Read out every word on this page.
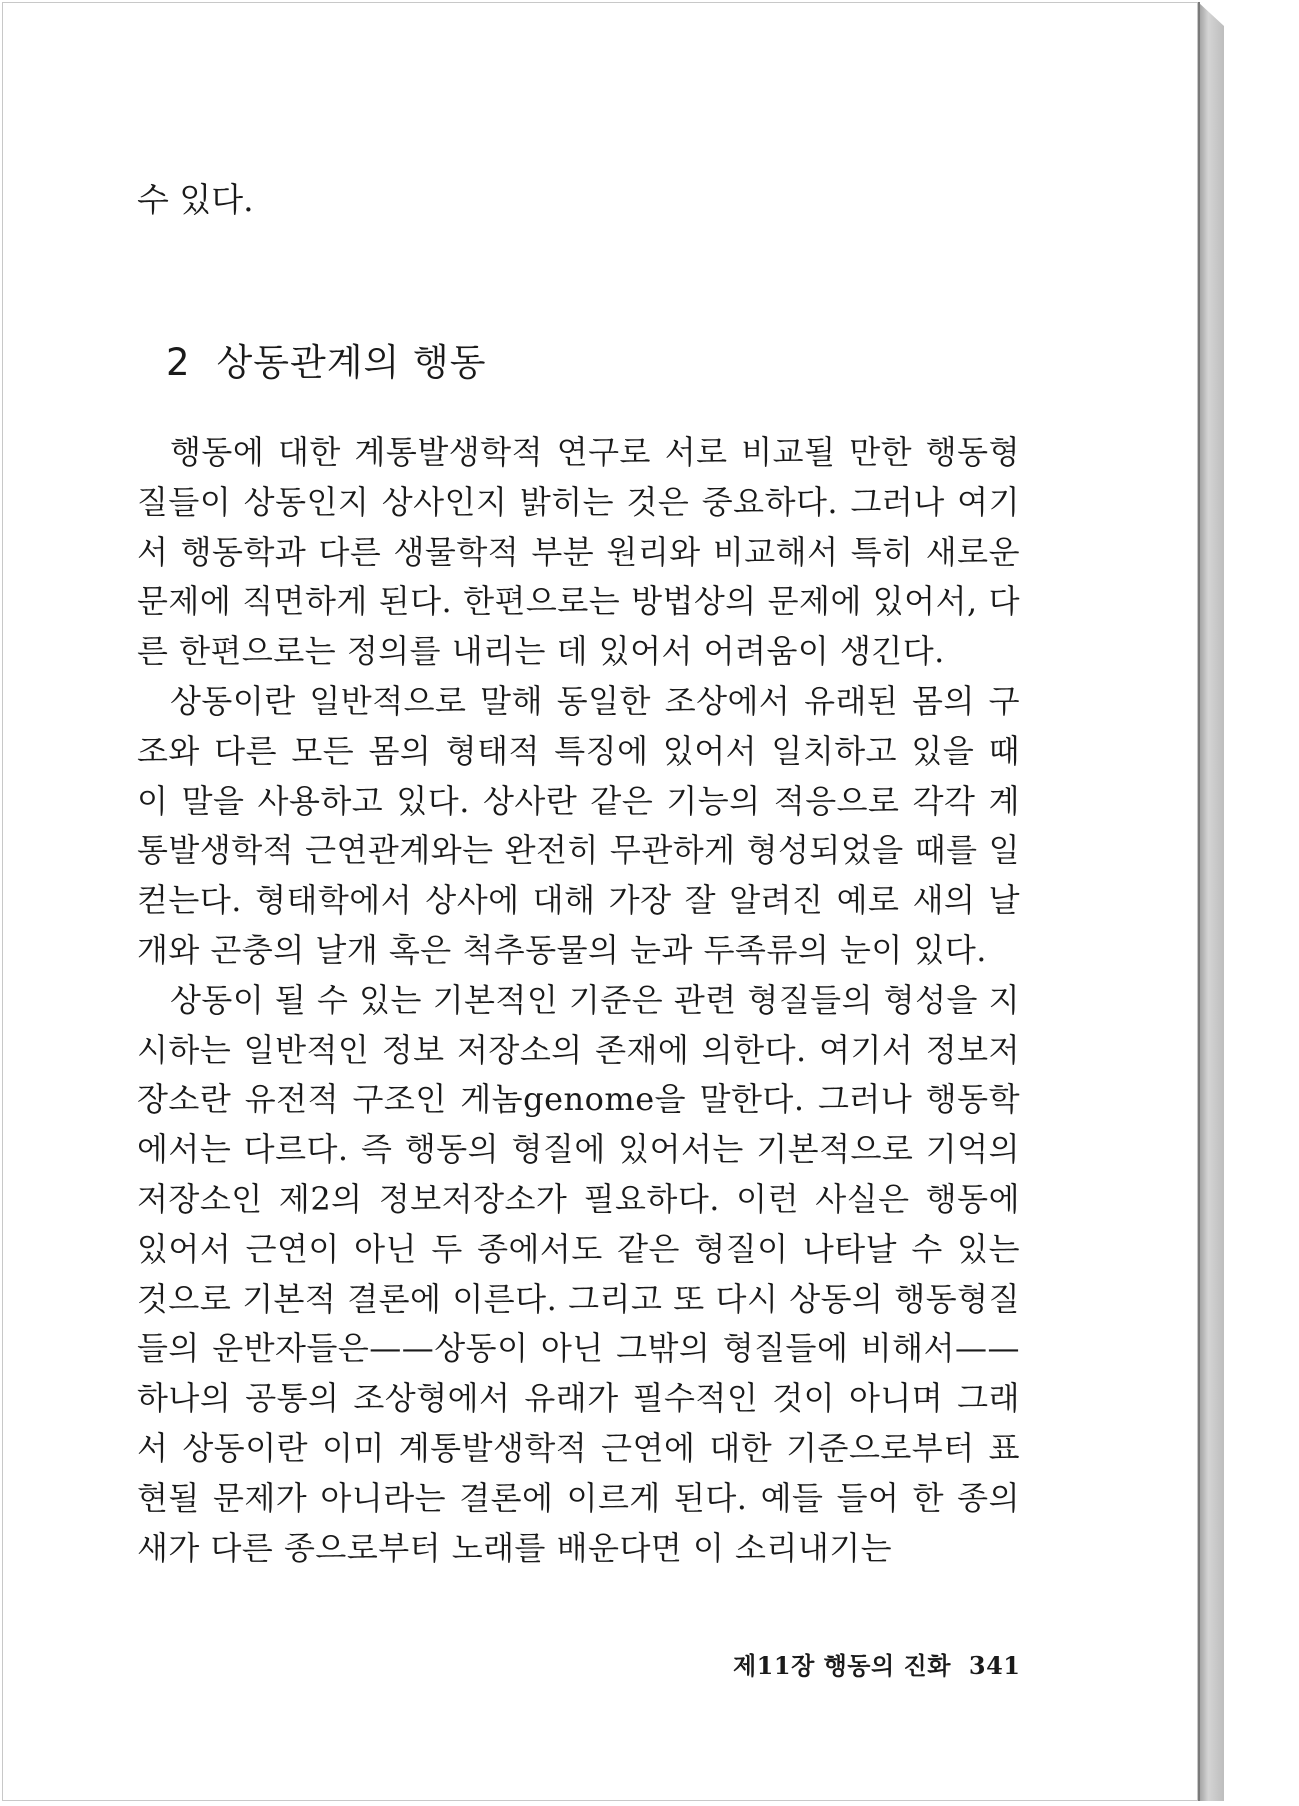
수 있다.
2 상동관계의 행동

행동에 대한 계통발생학적 연구로 서로 비교될 만한 행동형질들이 상동인지 상사인지 밝히는 것은 중요하다. 그러나 여기서 행동학과 다른 생물학적 부분 원리와 비교해서 특히 새로운 문제에 직면하게 된다. 한편으로는 방법상의 문제에 있어서, 다른 한편으로는 정의를 내리는 데 있어서 어려움이 생긴다.

상동이란 일반적으로 말해 동일한 조상에서 유래된 몸의 구조와 다른 모든 몸의 형태적 특징에 있어서 일치하고 있을 때 이 말을 사용하고 있다. 상사란 같은 기능의 적응으로 각각 계통발생학적 근연관계와는 완전히 무관하게 형성되었을 때를 일컫는다. 형태학에서 상사에 대해 가장 잘 알려진 예로 새의 날개와 곤충의 날개 혹은 척추동물의 눈과 두족류의 눈이 있다.

상동이 될 수 있는 기본적인 기준은 관련 형질들의 형성을 지시하는 일반적인 정보 저장소의 존재에 의한다. 여기서 정보저장소란 유전적 구조인 게놈genome을 말한다. 그러나 행동학에서는 다르다. 즉 행동의 형질에 있어서는 기본적으로 기억의 저장소인 제2의 정보저장소가 필요하다. 이런 사실은 행동에 있어서 근연이 아닌 두 종에서도 같은 형질이 나타날 수 있는 것으로 기본적 결론에 이른다. 그리고 또 다시 상동의 행동형질들의 운반자들은——상동이 아닌 그밖의 형질들에 비해서——하나의 공통의 조상형에서 유래가 필수적인 것이 아니며 그래서 상동이란 이미 계통발생학적 근연에 대한 기준으로부터 표현될 문제가 아니라는 결론에 이르게 된다. 예들 들어 한 종의 새가 다른 종으로부터 노래를 배운다면 이 소리내기는

제11장 행동의 진화 341
